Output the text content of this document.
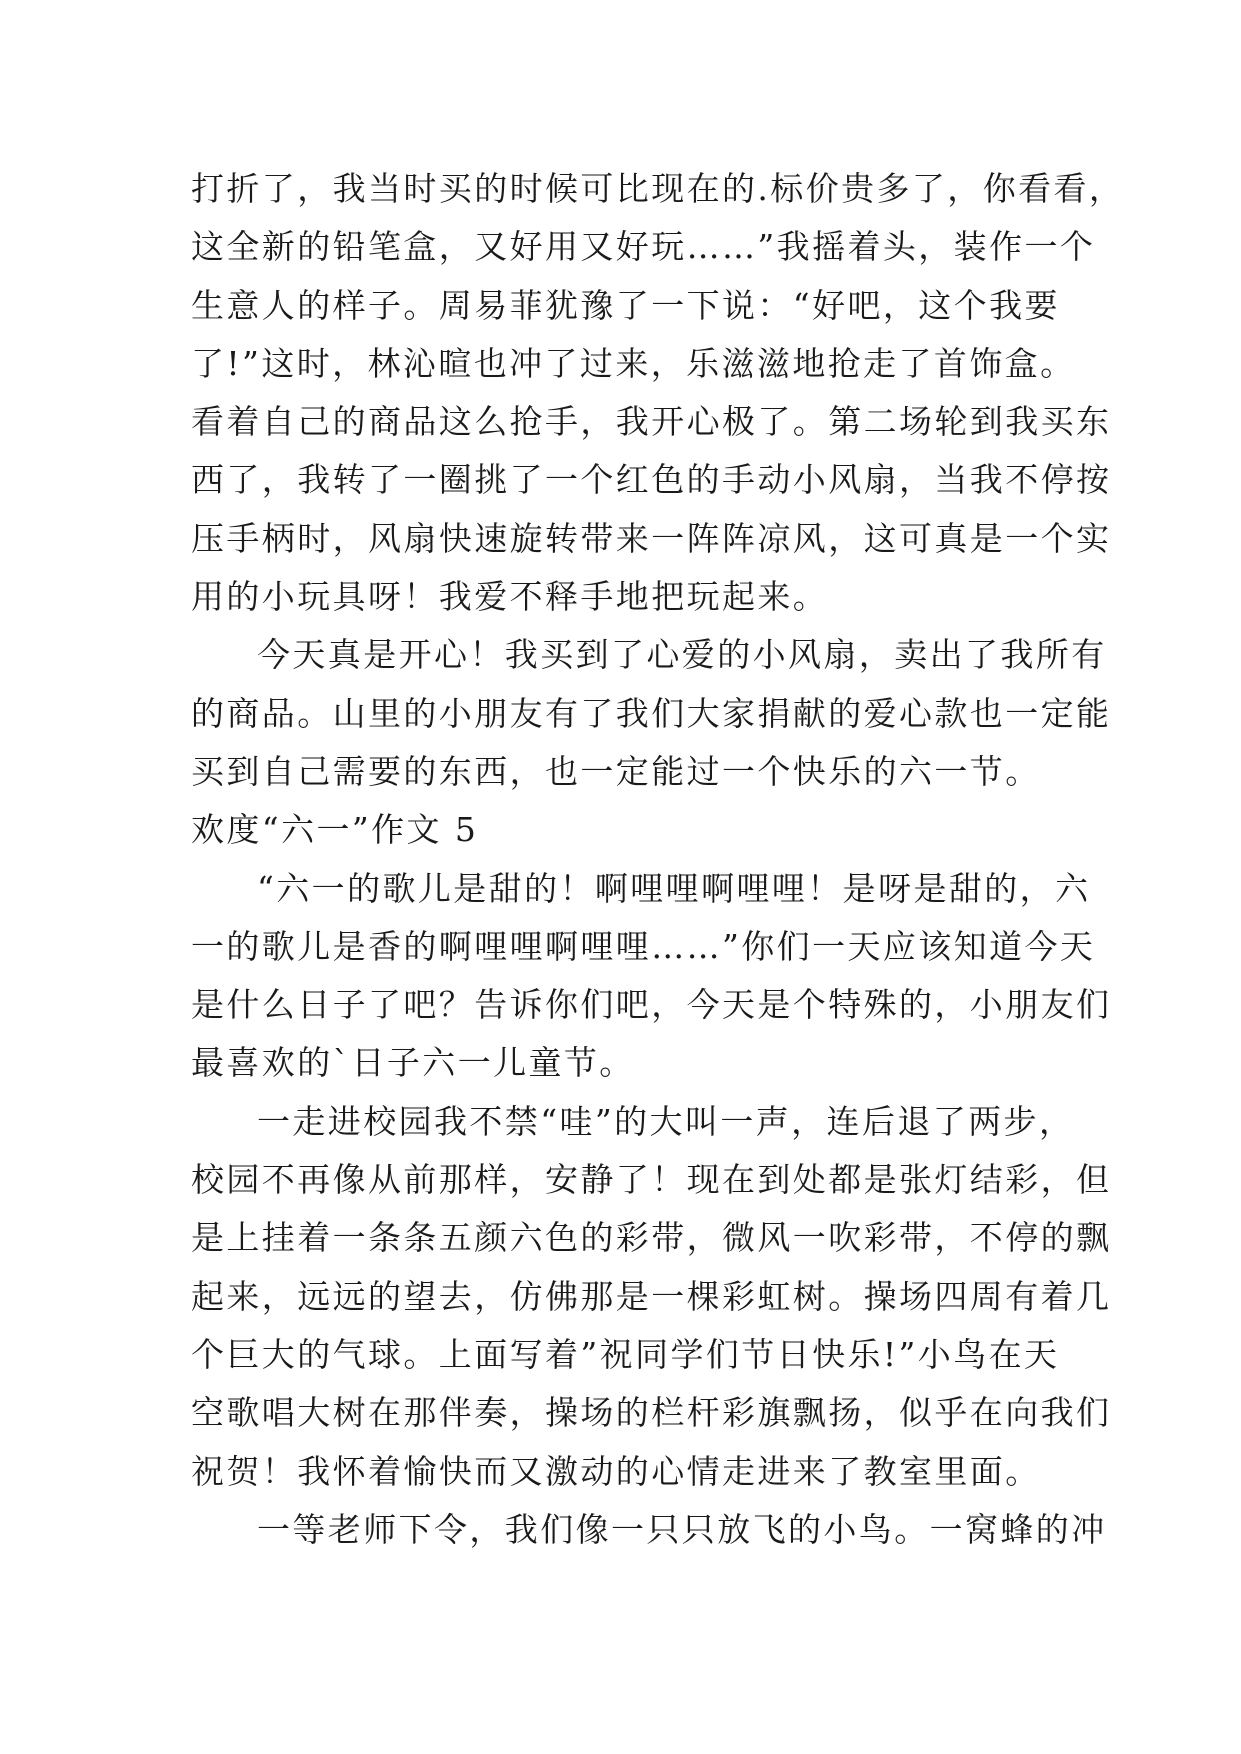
打折了，我当时买的时候可比现在的.标价贵多了，你看看，
这全新的铅笔盒，又好用又好玩……”我摇着头，装作一个
生意人的样子。周易菲犹豫了一下说：“好吧，这个我要
了!”这时，林沁暄也冲了过来，乐滋滋地抢走了首饰盒。
看着自己的商品这么抢手，我开心极了。第二场轮到我买东
西了，我转了一圈挑了一个红色的手动小风扇，当我不停按
压手柄时，风扇快速旋转带来一阵阵凉风，这可真是一个实
用的小玩具呀！我爱不释手地把玩起来。
今天真是开心！我买到了心爱的小风扇，卖出了我所有
的商品。山里的小朋友有了我们大家捐献的爱心款也一定能
买到自己需要的东西，也一定能过一个快乐的六一节。
欢度“六一”作文 5
“六一的歌儿是甜的！啊哩哩啊哩哩！是呀是甜的，六
一的歌儿是香的啊哩哩啊哩哩……”你们一天应该知道今天
是什么日子了吧？告诉你们吧，今天是个特殊的，小朋友们
最喜欢的`日子六一儿童节。
一走进校园我不禁“哇”的大叫一声，连后退了两步，
校园不再像从前那样，安静了！现在到处都是张灯结彩，但
是上挂着一条条五颜六色的彩带，微风一吹彩带，不停的飘
起来，远远的望去，仿佛那是一棵彩虹树。操场四周有着几
个巨大的气球。上面写着”祝同学们节日快乐!”小鸟在天
空歌唱大树在那伴奏，操场的栏杆彩旗飘扬，似乎在向我们
祝贺！我怀着愉快而又激动的心情走进来了教室里面。
一等老师下令，我们像一只只放飞的小鸟。一窝蜂的冲
